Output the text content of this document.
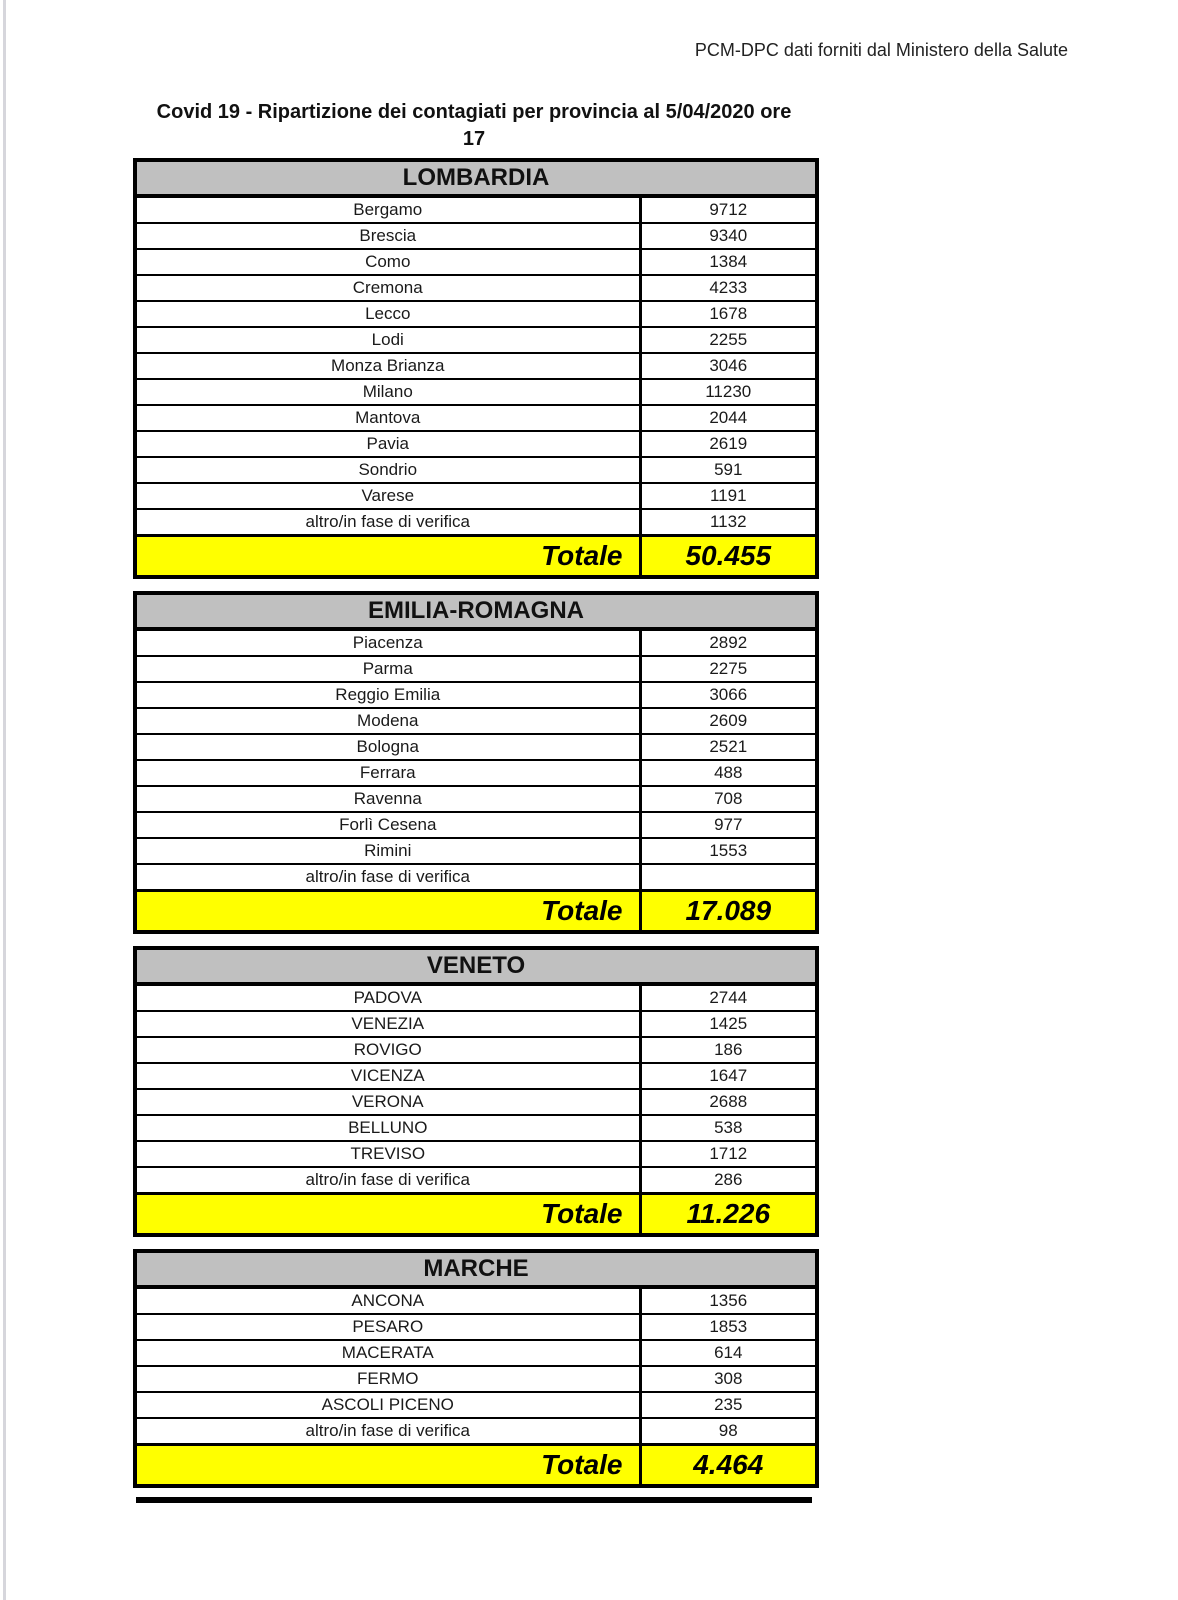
PCM-DPC dati forniti dal Ministero della Salute
Covid 19 - Ripartizione dei contagiati per provincia al 5/04/2020 ore
17
LOMBARDIA	
Bergamo	9712
Brescia	9340
Como	1384
Cremona	4233
Lecco	1678
Lodi	2255
Monza Brianza	3046
Milano	11230
Mantova	2044
Pavia	2619
Sondrio	591
Varese	1191
altro/in fase di verifica	1132
Totale	50.455
EMILIA-ROMAGNA	
Piacenza	2892
Parma	2275
Reggio Emilia	3066
Modena	2609
Bologna	2521
Ferrara	488
Ravenna	708
Forlì Cesena	977
Rimini	1553
altro/in fase di verifica	
Totale	17.089
VENETO	
PADOVA	2744
VENEZIA	1425
ROVIGO	186
VICENZA	1647
VERONA	2688
BELLUNO	538
TREVISO	1712
altro/in fase di verifica	286
Totale	11.226
MARCHE	
ANCONA	1356
PESARO	1853
MACERATA	614
FERMO	308
ASCOLI PICENO	235
altro/in fase di verifica	98
Totale	4.464
